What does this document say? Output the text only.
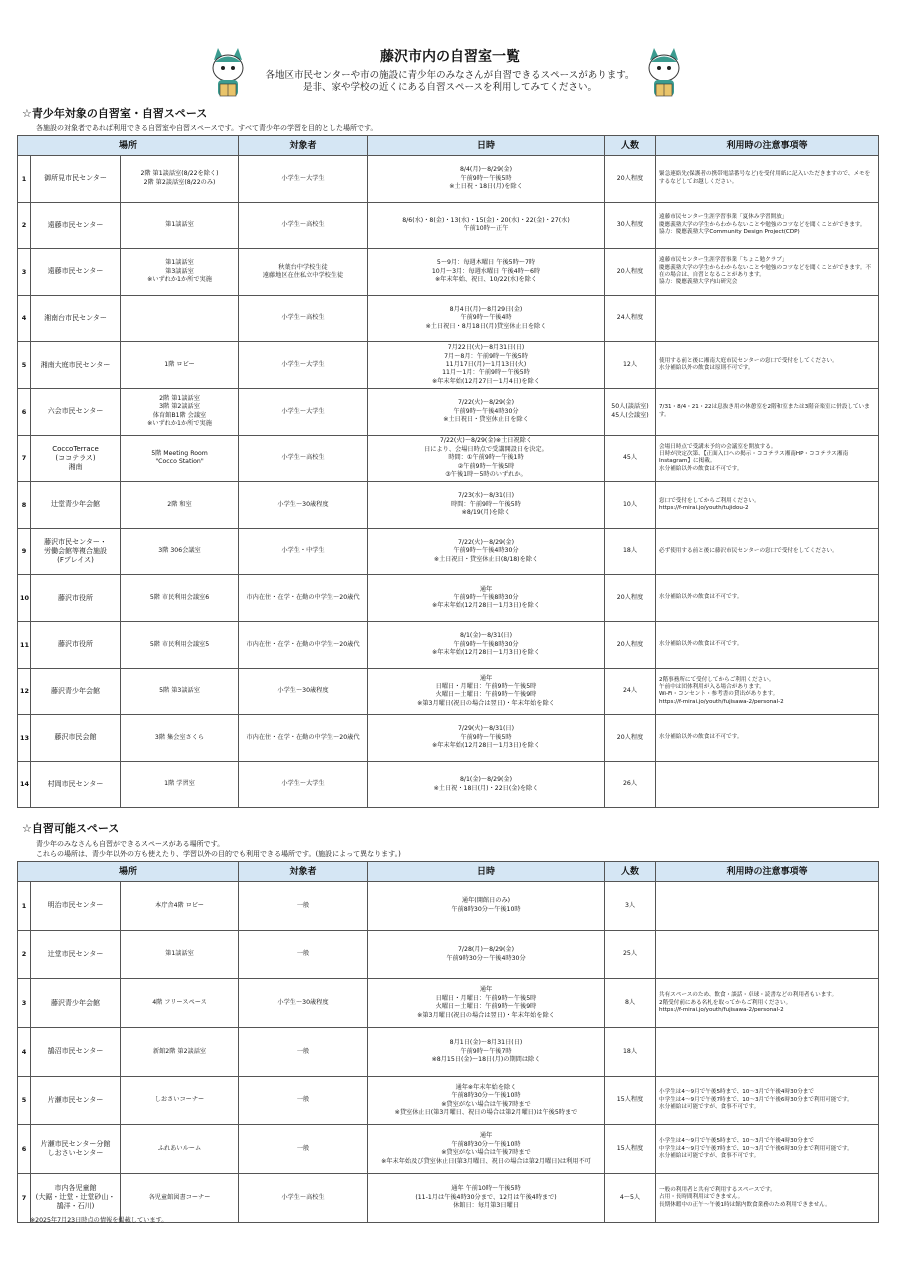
藤沢市内の自習室一覧
各地区市民センターや市の施設に青少年のみなさんが自習できるスペースがあります。
是非、家や学校の近くにある自習スペースを利用してみてください。
☆青少年対象の自習室・自習スペース
各施設の対象者であれば利用できる自習室や自習スペースです。すべて青少年の学習を目的とした場所です。
場所			対象者	日時	人数	利用時の注意事項等
1	御所見市民センター	2階 第1談話室(8/22を除く)
2階 第2談話室(8/22のみ)	小学生～大学生	8/4(月)～8/29(金)
午前9時～午後5時
※土日祝・18日(月)を除く	20人程度	緊急連絡先(保護者の携帯電話番号など)を受付用紙に記入いただきますので、メモをするなどしてお越しください。
2	遠藤市民センター	第1談話室	小学生～高校生	8/6(水)・8(金)・13(水)・15(金)・20(水)・22(金)・27(水)
午前10時～正午	30人程度	遠藤市民センター生涯学習事業「夏休み学習開放」
慶應義塾大学の学生からわからないことや勉強のコツなどを聞くことができます。
協力：慶應義塾大学Community Design Project(CDP)
3	遠藤市民センター	第1談話室
第3談話室
※いずれか1か所で実施	秋葉台中学校生徒
遠藤地区在住私立中学校生徒	5～9月：毎週木曜日 午後5時～7時
10月～3月：毎週水曜日 午後4時～6時
※年末年始、祝日、10/22(水)を除く	20人程度	遠藤市民センター生涯学習事業「ちょこ勉クラブ」
慶應義塾大学の学生からわからないことや勉強のコツなどを聞くことができます。不在の場合は、自習となることがあります。
協力：慶應義塾大学内山研究会
4	湘南台市民センター		小学生～高校生	8月4日(月)～8月29日(金)
午前9時～午後4時
※土日祝日・8月18日(月)貸室休止日を除く	24人程度	
5	湘南大庭市民センター	1階 ロビー	小学生～大学生	7月22日(火)～8月31日(日)
7月～8月：午前9時～午後5時
11月17日(月)～1月13日(火)
11月～1月：午前9時～午後5時
※年末年始(12月27日～1月4日)を除く	12人	使用する前と後に湘南大庭市民センターの窓口で受付をしてください。
水分補給以外の飲食は原則不可です。
6	六会市民センター	2階 第1談話室
3階 第2談話室
体育館B1階 会議室
※いずれか1か所で実施	小学生～大学生	7/22(火)～8/29(金)
午前9時～午後4時30分
※土日祝日・貸室休止日を除く	50人(談話室)
45人(会議室)	7/31・8/4・21・22は息抜き用の休憩室を2階和室または3階音楽室に併設しています。
7	CoccoTerrace
(ココテラス)
湘南	5階 Meeting Room
"Cocco Station"	小学生～高校生	7/22(火)～8/29(金)※土日祝除く
日により、会場日時点で受講開設日を決定。
時間：①午前9時～午後1時
②午前9時～午後5時
③午後1時～5時のいずれか。	45人	会場日時点で受講未予約の会議室を開放する。
日時が決定次第、【正面入口への掲示・ココテラス湘南HP・ココテラス湘南Instagram】に掲載。
水分補給以外の飲食は不可です。
8	辻堂青少年会館	2階 和室	小学生～30歳程度	7/23(水)～8/31(日)
時間：午前9時～午後5時
※8/19(月)を除く	10人	窓口で受付をしてからご利用ください。
https://f-mirai.jo/youth/tujidou-2
9	藤沢市民センター・
労働会館等複合施設
(Fプレイス)	3階 306会議室	小学生・中学生	7/22(火)～8/29(金)
午前9時～午後4時30分
※土日祝日・貸室休止日(8/18)を除く	18人	必ず使用する前と後に藤沢市民センターの窓口で受付をしてください。
10	藤沢市役所	5階 市民利用会議室6	市内在住・在学・在勤の中学生～20歳代	通年
午前9時～午後8時30分
※年末年始(12月28日～1月3日)を除く	20人程度	水分補給以外の飲食は不可です。
11	藤沢市役所	5階 市民利用会議室5	市内在住・在学・在勤の中学生～20歳代	8/1(金)～8/31(日)
午前9時～午後8時30分
※年末年始(12月28日～1月3日)を除く	20人程度	水分補給以外の飲食は不可です。
12	藤沢青少年会館	5階 第3談話室	小学生～30歳程度	通年
日曜日・月曜日：午前9時～午後5時
火曜日～土曜日：午前9時～午後9時
※第3月曜日(祝日の場合は翌日)・年末年始を除く	24人	2階事務所にて受付してからご利用ください。
午前中は団体利用が入る場合があります。
Wi-Fi・コンセント・参考書の貸出があります。
https://f-mirai.jo/youth/fujisawa-2/personal-2
13	藤沢市民会館	3階 集会室さくら	市内在住・在学・在勤の中学生～20歳代	7/29(火)～8/31(日)
午前9時～午後5時
※年末年始(12月28日～1月3日)を除く	20人程度	水分補給以外の飲食は不可です。
14	村岡市民センター	1階 学習室	小学生～大学生	8/1(金)～8/29(金)
※土日祝・18日(月)・22日(金)を除く	26人	
☆自習可能スペース
青少年のみなさんも自習ができるスペースがある場所です。
これらの場所は、青少年以外の方も使えたり、学習以外の目的でも利用できる場所です。(施設によって異なります。)
場所			対象者	日時	人数	利用時の注意事項等
1	明治市民センター	本庁舎4階 ロビー	一般	通年(開館日のみ)
午前8時30分～午後10時	3人	
2	辻堂市民センター	第1談話室	一般	7/28(月)～8/29(金)
午前9時30分～午後4時30分	25人	
3	藤沢青少年会館	4階 フリースペース	小学生～30歳程度	通年
日曜日・月曜日：午前9時～午後5時
火曜日～土曜日：午前9時～午後9時
※第3月曜日(祝日の場合は翌日)・年末年始を除く	8人	共有スペースのため、飲食・談話・卓球・読書などの利用者もいます。
2階受付前にある名札を取ってからご利用ください。
https://f-mirai.jo/youth/fujisawa-2/personal-2
4	鵠沼市民センター	新館2階 第2談話室	一般	8月1日(金)～8月31日(日)
午前9時～午後7時
※8月15日(金)～18日(月)の期間は除く	18人	
5	片瀬市民センター	しおさいコーナー	一般	通年※年末年始を除く
午前8時30分～午後10時
※貸室がない場合は午後7時まで
※貸室休止日(第3月曜日、祝日の場合は第2月曜日)は午後5時まで	15人程度	小学生は4～9月で午後5時まで、10～3月で午後4時30分まで
中学生は4～9月で午後7時まで、10～3月で午後6時30分まで利用可能です。
水分補給は可能ですが、食事不可です。
6	片瀬市民センター分館
しおさいセンター	ふれあいルーム	一般	通年
午前8時30分～午後10時
※貸室がない場合は午後7時まで
※年末年始及び貸室休止日(第3月曜日、祝日の場合は第2月曜日)は利用不可	15人程度	小学生は4～9月で午後5時まで、10～3月で午後4時30分まで
中学生は4～9月で午後7時まで、10～3月で午後6時30分まで利用可能です。
水分補給は可能ですが、食事不可です。
7	市内各児童館
(大鋸・辻堂・辻堂砂山・
鵠洋・石川)	各児童館図書コーナー	小学生～高校生	通年 午前10時～午後5時
(11-1月は午後4時30分まで、12月は午後4時まで)
休館日：毎月第3日曜日	4～5人	一般の利用者と共有で利用するスペースです。
占用・長時間利用はできません。
長期休暇中の正午～午後1時は館内飲食業務のため利用できません。
※2025年7月23日時点の情報を掲載しています。
